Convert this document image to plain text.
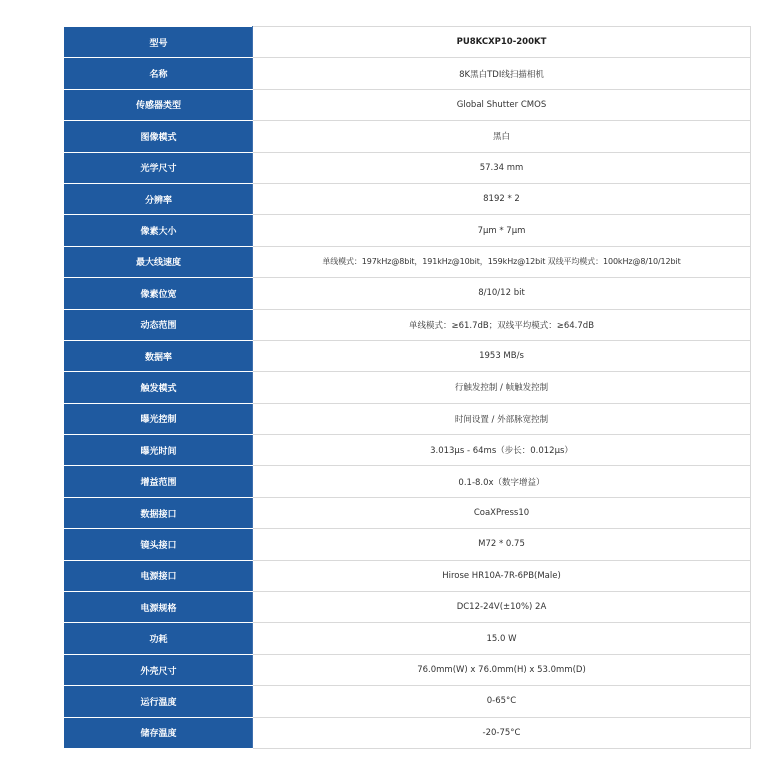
型号	PU8KCXP10-200KT
名称	8K黑白TDI线扫描相机
传感器类型	Global Shutter CMOS
图像模式	黑白
光学尺寸	57.34 mm
分辨率	8192 * 2
像素大小	7μm * 7μm
最大线速度	单线模式：197kHz@8bit，191kHz@10bit，159kHz@12bit 双线平均模式：100kHz@8/10/12bit
像素位宽	8/10/12 bit
动态范围	单线模式：≥61.7dB；双线平均模式：≥64.7dB
数据率	1953 MB/s
触发模式	行触发控制 / 帧触发控制
曝光控制	时间设置 / 外部脉宽控制
曝光时间	3.013μs - 64ms（步长：0.012μs）
增益范围	0.1-8.0x（数字增益）
数据接口	CoaXPress10
镜头接口	M72 * 0.75
电源接口	Hirose HR10A-7R-6PB(Male)
电源规格	DC12-24V(±10%) 2A
功耗	15.0 W
外壳尺寸	76.0mm(W) x 76.0mm(H) x 53.0mm(D)
运行温度	0-65°C
储存温度	-20-75°C
